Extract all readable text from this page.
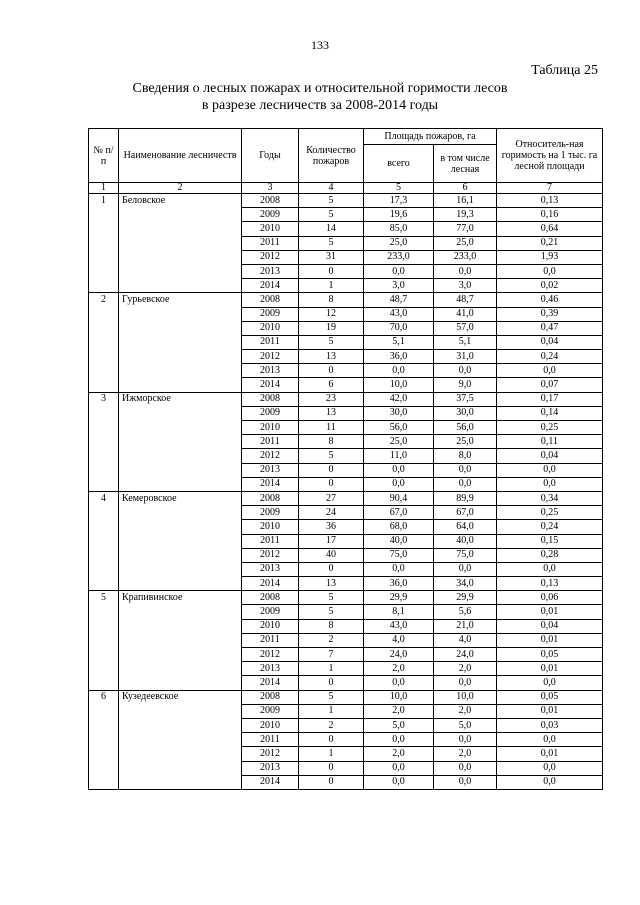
133
Таблица 25
Сведения о лесных пожарах и относительной горимости лесов
в разрезе лесничеств за 2008-2014 годы
№ п/п	Наименование лесничеств	Годы	Количество пожаров	Площадь пожаров, га		Относитель-ная горимость на 1 тыс. га лесной площади
				всего	в том числе лесная	
1	2	3	4	5	6	7
1	Беловское	2008	5	17,3	16,1	0,13
		2009	5	19,6	19,3	0,16
		2010	14	85,0	77,0	0,64
		2011	5	25,0	25,0	0,21
		2012	31	233,0	233,0	1,93
		2013	0	0,0	0,0	0,0
		2014	1	3,0	3,0	0,02
2	Гурьевское	2008	8	48,7	48,7	0,46
		2009	12	43,0	41,0	0,39
		2010	19	70,0	57,0	0,47
		2011	5	5,1	5,1	0,04
		2012	13	36,0	31,0	0,24
		2013	0	0,0	0,0	0,0
		2014	6	10,0	9,0	0,07
3	Ижморское	2008	23	42,0	37,5	0,17
		2009	13	30,0	30,0	0,14
		2010	11	56,0	56,0	0,25
		2011	8	25,0	25,0	0,11
		2012	5	11,0	8,0	0,04
		2013	0	0,0	0,0	0,0
		2014	0	0,0	0,0	0,0
4	Кемеровское	2008	27	90,4	89,9	0,34
		2009	24	67,0	67,0	0,25
		2010	36	68,0	64,0	0,24
		2011	17	40,0	40,0	0,15
		2012	40	75,0	75,0	0,28
		2013	0	0,0	0,0	0,0
		2014	13	36,0	34,0	0,13
5	Крапивинское	2008	5	29,9	29,9	0,06
		2009	5	8,1	5,6	0,01
		2010	8	43,0	21,0	0,04
		2011	2	4,0	4,0	0,01
		2012	7	24,0	24,0	0,05
		2013	1	2,0	2,0	0,01
		2014	0	0,0	0,0	0,0
6	Кузедеевское	2008	5	10,0	10,0	0,05
		2009	1	2,0	2,0	0,01
		2010	2	5,0	5,0	0,03
		2011	0	0,0	0,0	0,0
		2012	1	2,0	2,0	0,01
		2013	0	0,0	0,0	0,0
		2014	0	0,0	0,0	0,0
